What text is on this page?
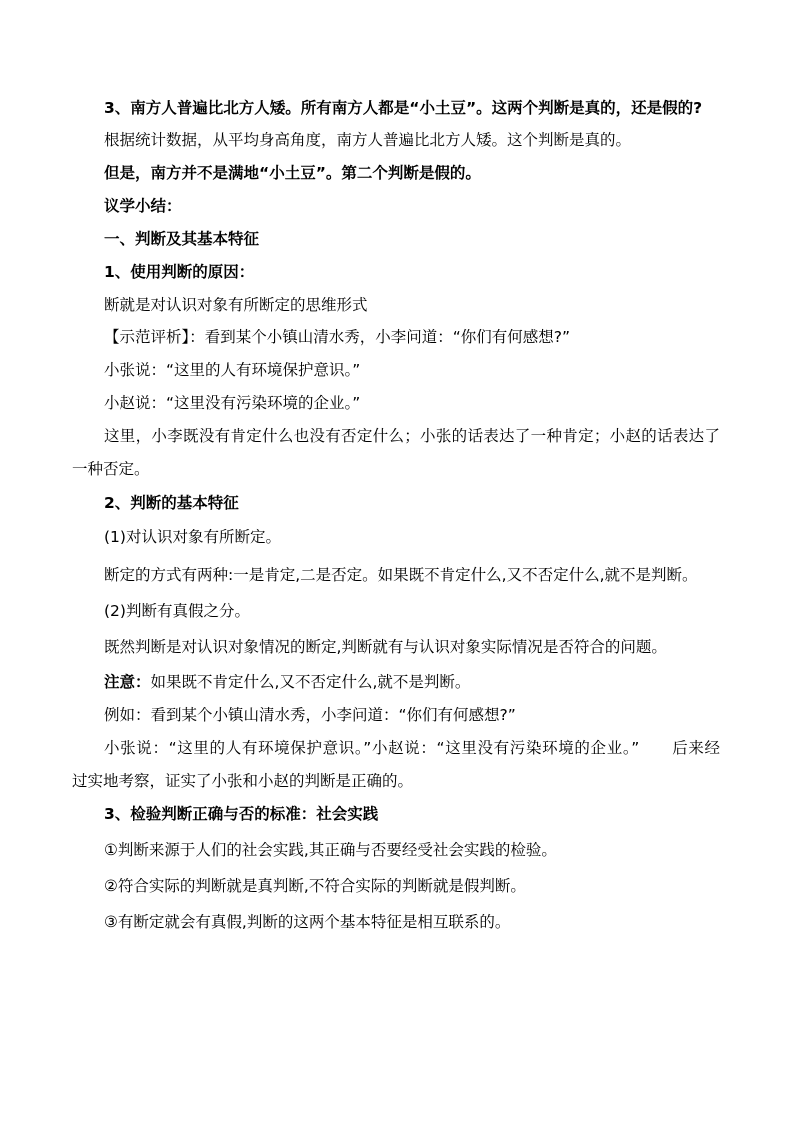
3、南方人普遍比北方人矮。所有南方人都是“小土豆”。这两个判断是真的，还是假的?
根据统计数据，从平均身高角度，南方人普遍比北方人矮。这个判断是真的。
但是，南方并不是满地“小土豆”。第二个判断是假的。
议学小结：
一、判断及其基本特征
1、使用判断的原因：
断就是对认识对象有所断定的思维形式
【示范评析】：看到某个小镇山清水秀，小李问道：“你们有何感想?”
小张说：“这里的人有环境保护意识。”
小赵说：“这里没有污染环境的企业。”
这里，小李既没有肯定什么也没有否定什么；小张的话表达了一种肯定；小赵的话表达了
一种否定。
2、判断的基本特征
(1)对认识对象有所断定。
断定的方式有两种:一是肯定,二是否定。如果既不肯定什么,又不否定什么,就不是判断。
(2)判断有真假之分。
既然判断是对认识对象情况的断定,判断就有与认识对象实际情况是否符合的问题。
注意：如果既不肯定什么,又不否定什么,就不是判断。
例如：看到某个小镇山清水秀，小李问道：“你们有何感想?”
小张说：“这里的人有环境保护意识。”小赵说：“这里没有污染环境的企业。”　　后来经
过实地考察，证实了小张和小赵的判断是正确的。
3、检验判断正确与否的标准：社会实践
①判断来源于人们的社会实践,其正确与否要经受社会实践的检验。
②符合实际的判断就是真判断,不符合实际的判断就是假判断。
③有断定就会有真假,判断的这两个基本特征是相互联系的。
